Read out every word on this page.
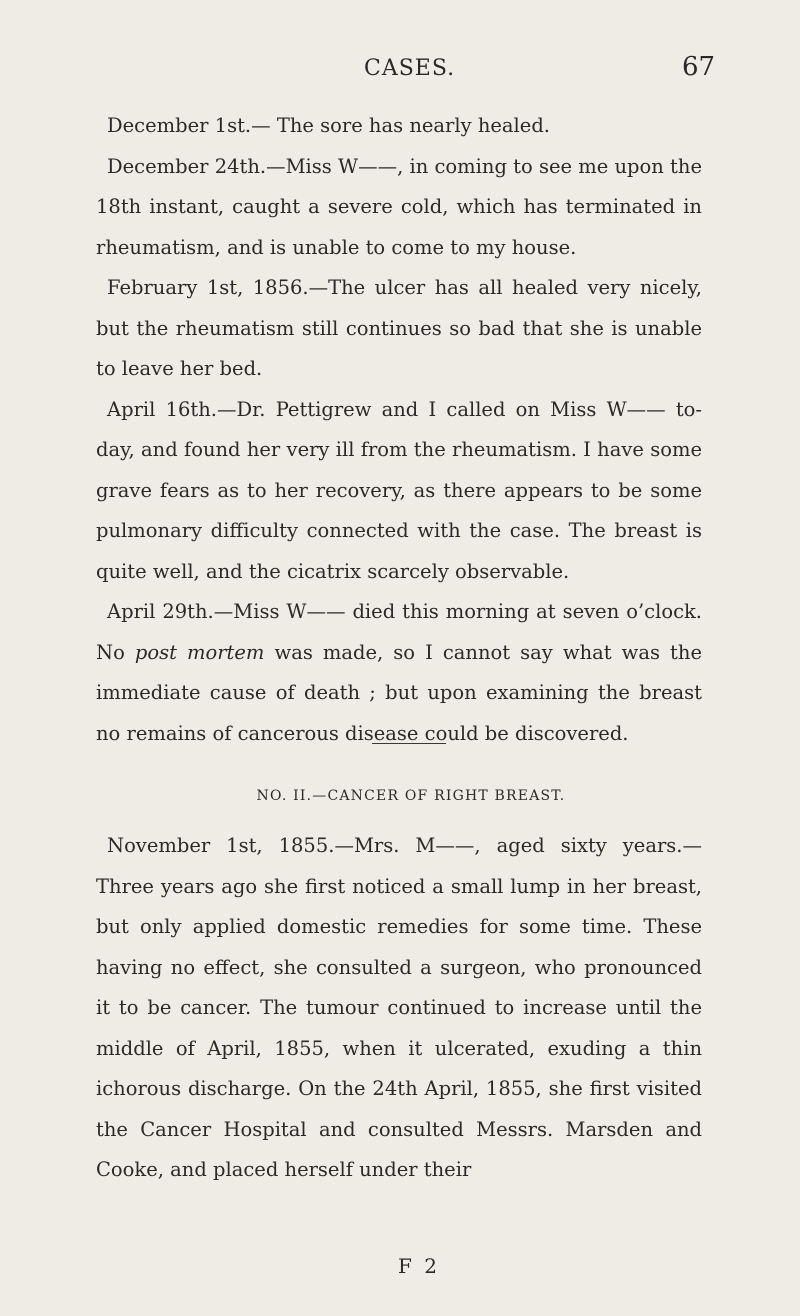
CASES.	67

December 1st.— The sore has nearly healed.

December 24th.—Miss W——, in coming to see me upon the 18th instant, caught a severe cold, which has terminated in rheumatism, and is unable to come to my house.

February 1st, 1856.—The ulcer has all healed very nicely, but the rheumatism still continues so bad that she is unable to leave her bed.

April 16th.—Dr. Pettigrew and I called on Miss W—— to-day, and found her very ill from the rheumatism. I have some grave fears as to her recovery, as there appears to be some pulmonary difficulty connected with the case. The breast is quite well, and the cicatrix scarcely observable.

April 29th.—Miss W—— died this morning at seven o’clock. No post mortem was made, so I cannot say what was the immediate cause of death ; but upon examining the breast no remains of cancerous disease could be discovered.

NO. II.—CANCER OF RIGHT BREAST.

November 1st, 1855.—Mrs. M——, aged sixty years.— Three years ago she first noticed a small lump in her breast, but only applied domestic remedies for some time. These having no effect, she consulted a surgeon, who pronounced it to be cancer. The tumour continued to increase until the middle of April, 1855, when it ulcerated, exuding a thin ichorous discharge. On the 24th April, 1855, she first visited the Cancer Hospital and consulted Messrs. Marsden and Cooke, and placed herself under their

F 2
